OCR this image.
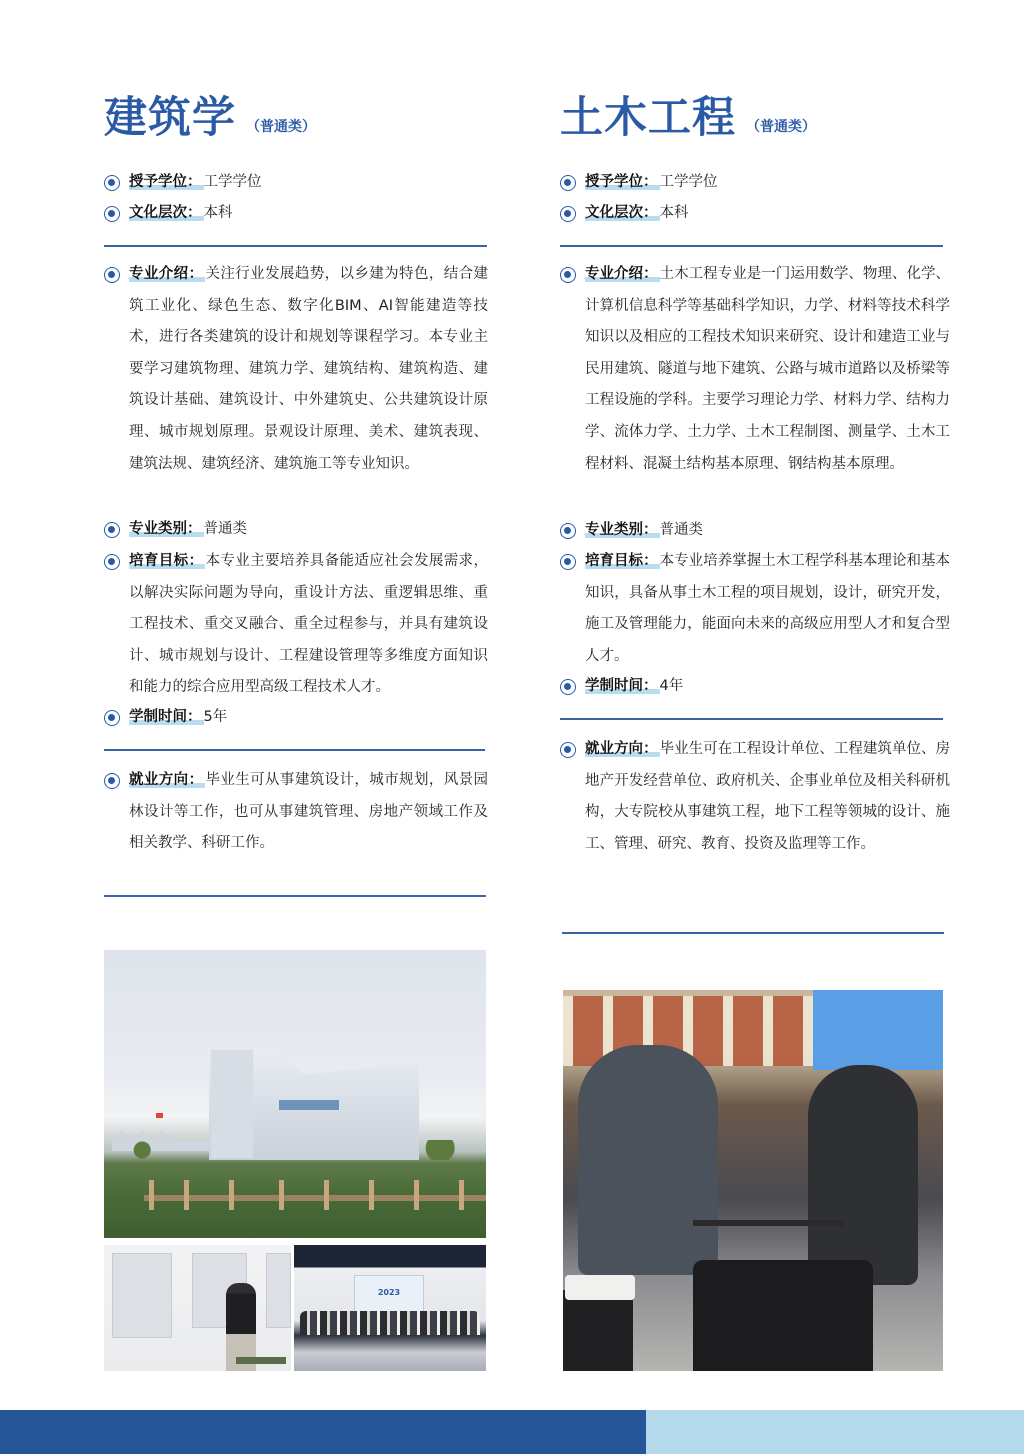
建筑学 （普通类）
授予学位： 工学学位
文化层次： 本科
专业介绍： 关注行业发展趋势，以乡建为特色，结合建筑工业化、绿色生态、数字化BIM、AI智能建造等技术，进行各类建筑的设计和规划等课程学习。本专业主要学习建筑物理、建筑力学、建筑结构、建筑构造、建筑设计基础、建筑设计、中外建筑史、公共建筑设计原理、城市规划原理。景观设计原理、美术、建筑表现、建筑法规、建筑经济、建筑施工等专业知识。
专业类别： 普通类
培育目标： 本专业主要培养具备能适应社会发展需求，以解决实际问题为导向，重设计方法、重逻辑思维、重工程技术、重交叉融合、重全过程参与，并具有建筑设计、城市规划与设计、工程建设管理等多维度方面知识和能力的综合应用型高级工程技术人才。
学制时间： 5年
就业方向： 毕业生可从事建筑设计，城市规划，风景园林设计等工作，也可从事建筑管理、房地产领域工作及相关教学、科研工作。
土木工程 （普通类）
授予学位： 工学学位
文化层次： 本科
专业介绍： 土木工程专业是一门运用数学、物理、化学、计算机信息科学等基础科学知识，力学、材料等技术科学知识以及相应的工程技术知识来研究、设计和建造工业与民用建筑、隧道与地下建筑、公路与城市道路以及桥梁等工程设施的学科。主要学习理论力学、材料力学、结构力学、流体力学、土力学、土木工程制图、测量学、土木工程材料、混凝土结构基本原理、钢结构基本原理。
专业类别： 普通类
培育目标： 本专业培养掌握土木工程学科基本理论和基本知识，具备从事土木工程的项目规划，设计，研究开发，施工及管理能力，能面向未来的高级应用型人才和复合型人才。
学制时间： 4年
就业方向： 毕业生可在工程设计单位、工程建筑单位、房地产开发经营单位、政府机关、企事业单位及相关科研机构，大专院校从事建筑工程，地下工程等领城的设计、施工、管理、研究、教育、投资及监理等工作。
2023
